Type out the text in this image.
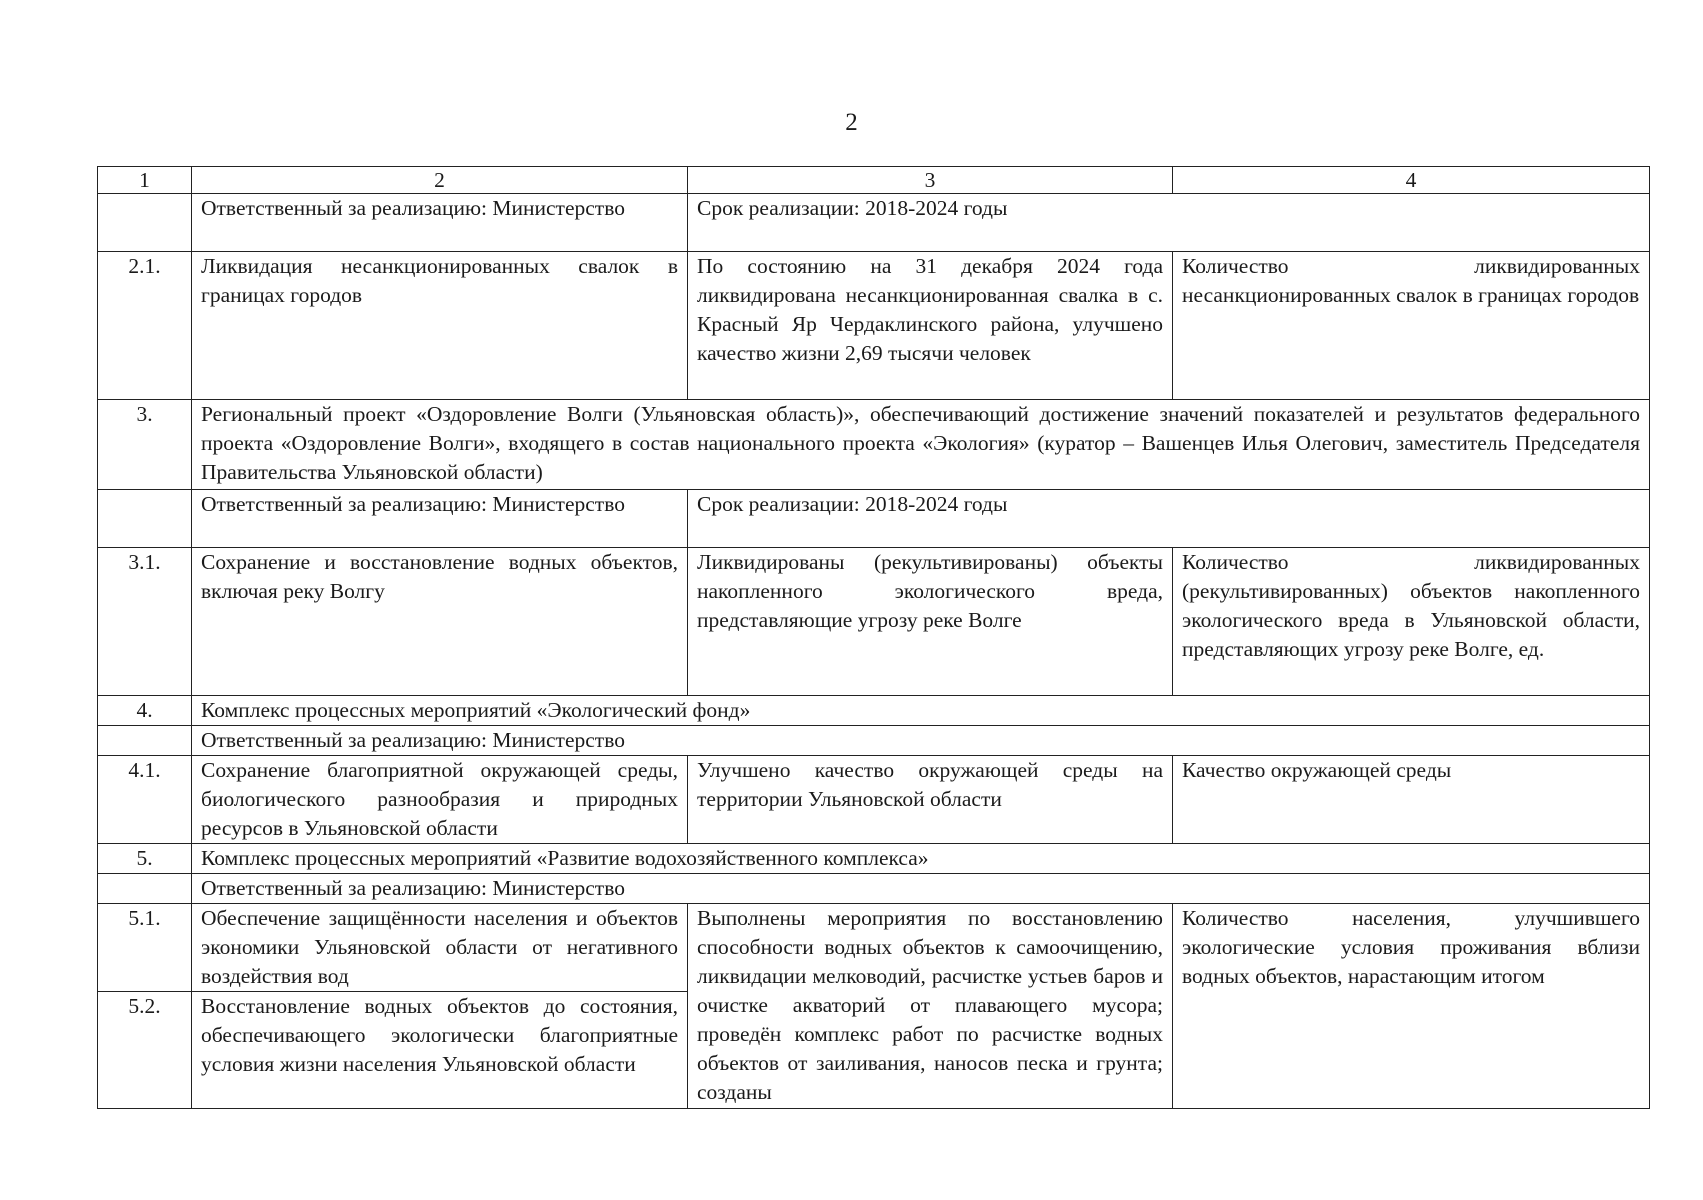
2
1	2	3	4
	Ответственный за реализацию: Министерство	Срок реализации: 2018-2024 годы	
2.1.	Ликвидация несанкционированных свалок в границах городов	По состоянию на 31 декабря 2024 года ликвидирована несанкционированная свалка в с. Красный Яр Чердаклинского района, улучшено качество жизни 2,69 тысячи человек	Количество ликвидированных несанкционированных свалок в границах городов
3.	Региональный проект «Оздоровление Волги (Ульяновская область)», обеспечивающий достижение значений показателей и результатов федерального проекта «Оздоровление Волги», входящего в состав национального проекта «Экология» (куратор – Вашенцев Илья Олегович, заместитель Председателя Правительства Ульяновской области)		
	Ответственный за реализацию: Министерство	Срок реализации: 2018-2024 годы	
3.1.	Сохранение и восстановление водных объектов, включая реку Волгу	Ликвидированы (рекультивированы) объекты накопленного экологического вреда, представляющие угрозу реке Волге	Количество ликвидированных (рекультивированных) объектов накопленного экологического вреда в Ульяновской области, представляющих угрозу реке Волге, ед.
4.	Комплекс процессных мероприятий «Экологический фонд»		
	Ответственный за реализацию: Министерство		
4.1.	Сохранение благоприятной окружающей среды, биологического разнообразия и природных ресурсов в Ульяновской области	Улучшено качество окружающей среды на территории Ульяновской области	Качество окружающей среды
5.	Комплекс процессных мероприятий «Развитие водохозяйственного комплекса»		
	Ответственный за реализацию: Министерство		
5.1.	Обеспечение защищённости населения и объектов экономики Ульяновской области от негативного воздействия вод	Выполнены мероприятия по восстановлению способности водных объектов к самоочищению, ликвидации мелководий, расчистке устьев баров и очистке акваторий от плавающего мусора; проведён комплекс работ по расчистке водных объектов от заиливания, наносов песка и грунта; созданы	Количество населения, улучшившего экологические условия проживания вблизи водных объектов, нарастающим итогом
5.2.	Восстановление водных объектов до состояния, обеспечивающего экологически благоприятные условия жизни населения Ульяновской области		
